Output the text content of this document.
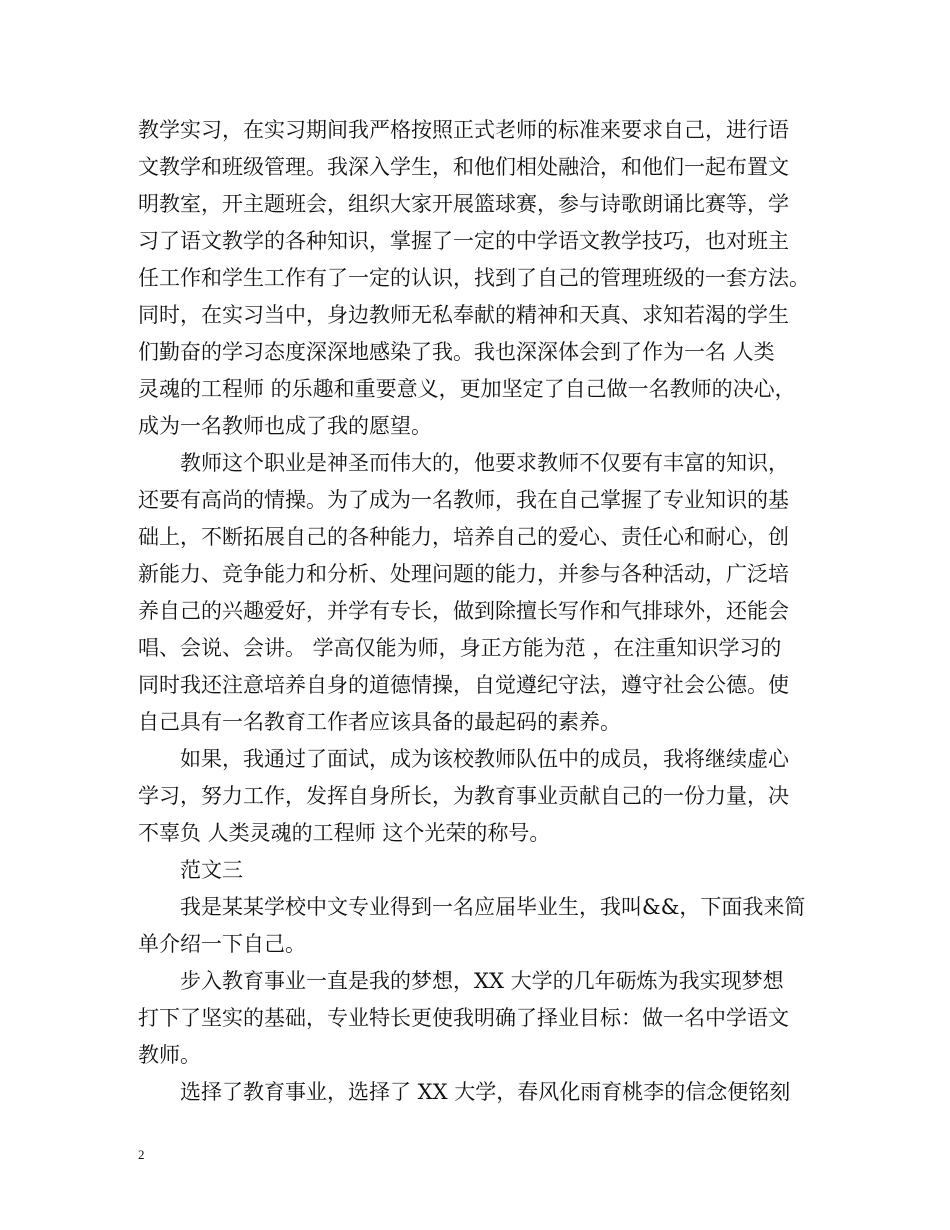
教学实习，在实习期间我严格按照正式老师的标准来要求自己，进行语
文教学和班级管理。我深入学生，和他们相处融洽，和他们一起布置文
明教室，开主题班会，组织大家开展篮球赛，参与诗歌朗诵比赛等，学
习了语文教学的各种知识，掌握了一定的中学语文教学技巧，也对班主
任工作和学生工作有了一定的认识，找到了自己的管理班级的一套方法。
同时，在实习当中，身边教师无私奉献的精神和天真、求知若渴的学生
们勤奋的学习态度深深地感染了我。我也深深体会到了作为一名 人类
灵魂的工程师 的乐趣和重要意义，更加坚定了自己做一名教师的决心，
成为一名教师也成了我的愿望。
　　教师这个职业是神圣而伟大的，他要求教师不仅要有丰富的知识，
还要有高尚的情操。为了成为一名教师，我在自己掌握了专业知识的基
础上，不断拓展自己的各种能力，培养自己的爱心、责任心和耐心，创
新能力、竞争能力和分析、处理问题的能力，并参与各种活动，广泛培
养自己的兴趣爱好，并学有专长，做到除擅长写作和气排球外，还能会
唱、会说、会讲。 学高仅能为师，身正方能为范 ，在注重知识学习的
同时我还注意培养自身的道德情操，自觉遵纪守法，遵守社会公德。使
自己具有一名教育工作者应该具备的最起码的素养。
　　如果，我通过了面试，成为该校教师队伍中的成员，我将继续虚心
学习，努力工作，发挥自身所长，为教育事业贡献自己的一份力量，决
不辜负 人类灵魂的工程师 这个光荣的称号。
　　范文三
　　我是某某学校中文专业得到一名应届毕业生，我叫&&，下面我来简
单介绍一下自己。
　　步入教育事业一直是我的梦想，XX 大学的几年砺炼为我实现梦想
打下了坚实的基础，专业特长更使我明确了择业目标：做一名中学语文
教师。
　　选择了教育事业，选择了 XX 大学，春风化雨育桃李的信念便铭刻
2
